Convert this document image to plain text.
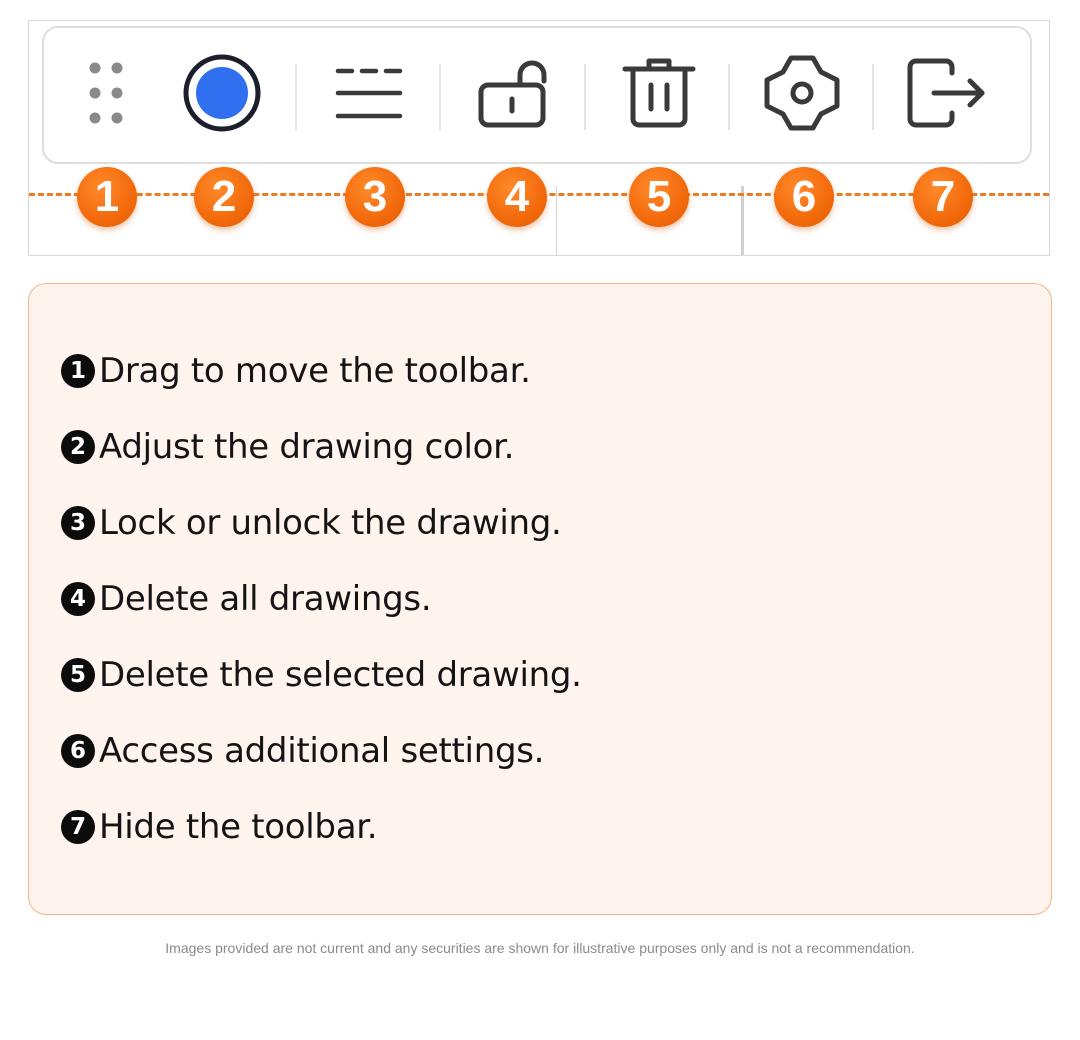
1	2	3	4	5	6	7
1 Drag to move the toolbar.
2 Adjust the drawing color.
3 Lock or unlock the drawing.
4 Delete all drawings.
5 Delete the selected drawing.
6 Access additional settings.
7 Hide the toolbar.
Images provided are not current and any securities are shown for illustrative purposes only and is not a recommendation.
